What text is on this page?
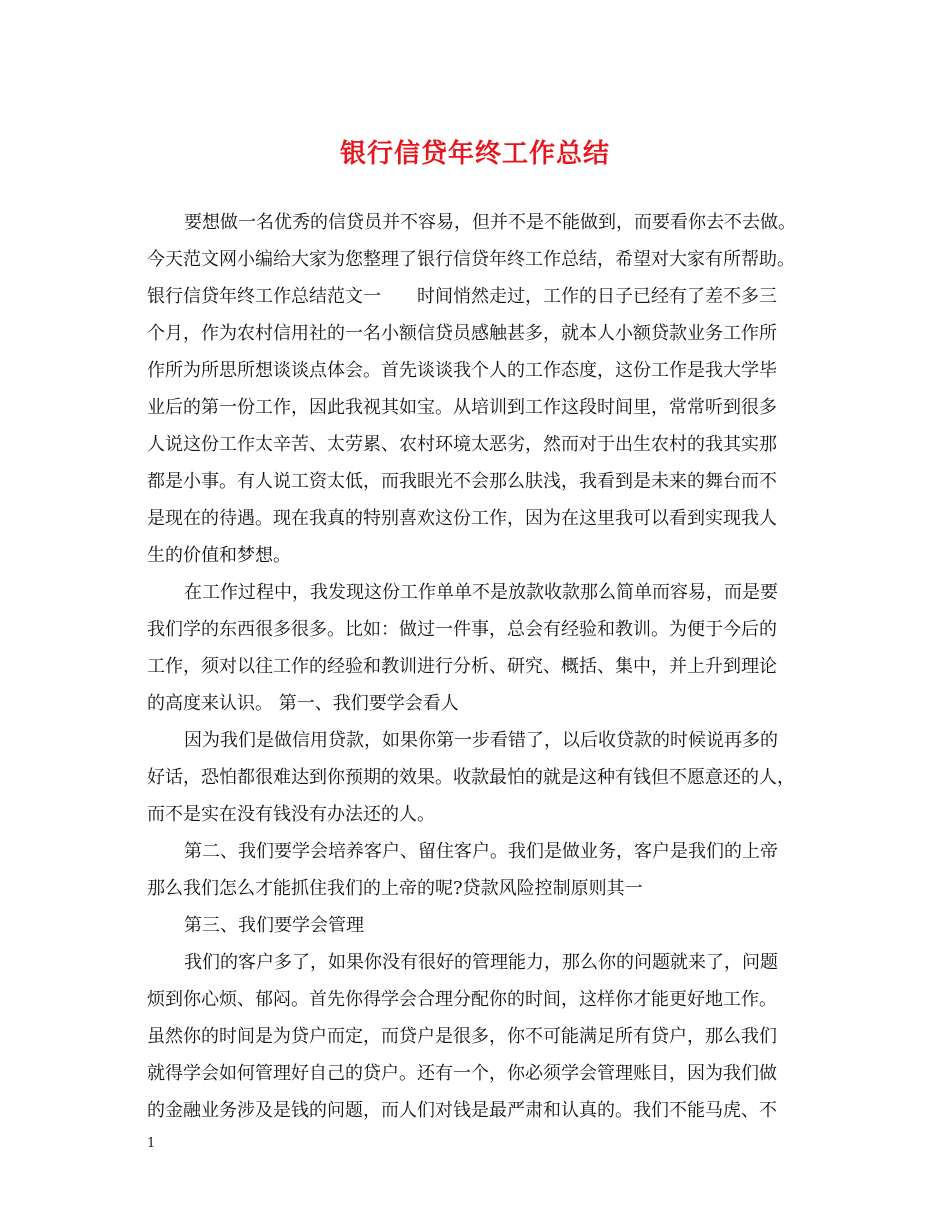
银行信贷年终工作总结
要想做一名优秀的信贷员并不容易，但并不是不能做到，而要看你去不去做。
今天范文网小编给大家为您整理了银行信贷年终工作总结，希望对大家有所帮助。
银行信贷年终工作总结范文一　　时间悄然走过，工作的日子已经有了差不多三
个月，作为农村信用社的一名小额信贷员感触甚多，就本人小额贷款业务工作所
作所为所思所想谈谈点体会。首先谈谈我个人的工作态度，这份工作是我大学毕
业后的第一份工作，因此我视其如宝。从培训到工作这段时间里，常常听到很多
人说这份工作太辛苦、太劳累、农村环境太恶劣，然而对于出生农村的我其实那
都是小事。有人说工资太低，而我眼光不会那么肤浅，我看到是未来的舞台而不
是现在的待遇。现在我真的特别喜欢这份工作，因为在这里我可以看到实现我人
生的价值和梦想。
在工作过程中，我发现这份工作单单不是放款收款那么简单而容易，而是要
我们学的东西很多很多。比如：做过一件事，总会有经验和教训。为便于今后的
工作，须对以往工作的经验和教训进行分析、研究、概括、集中，并上升到理论
的高度来认识。 第一、我们要学会看人
因为我们是做信用贷款，如果你第一步看错了，以后收贷款的时候说再多的
好话，恐怕都很难达到你预期的效果。收款最怕的就是这种有钱但不愿意还的人，
而不是实在没有钱没有办法还的人。
第二、我们要学会培养客户、留住客户。我们是做业务，客户是我们的上帝
那么我们怎么才能抓住我们的上帝的呢?贷款风险控制原则其一
第三、我们要学会管理
我们的客户多了，如果你没有很好的管理能力，那么你的问题就来了，问题
烦到你心烦、郁闷。首先你得学会合理分配你的时间，这样你才能更好地工作。
虽然你的时间是为贷户而定，而贷户是很多，你不可能满足所有贷户，那么我们
就得学会如何管理好自己的贷户。还有一个，你必须学会管理账目，因为我们做
的金融业务涉及是钱的问题，而人们对钱是最严肃和认真的。我们不能马虎、不
1
